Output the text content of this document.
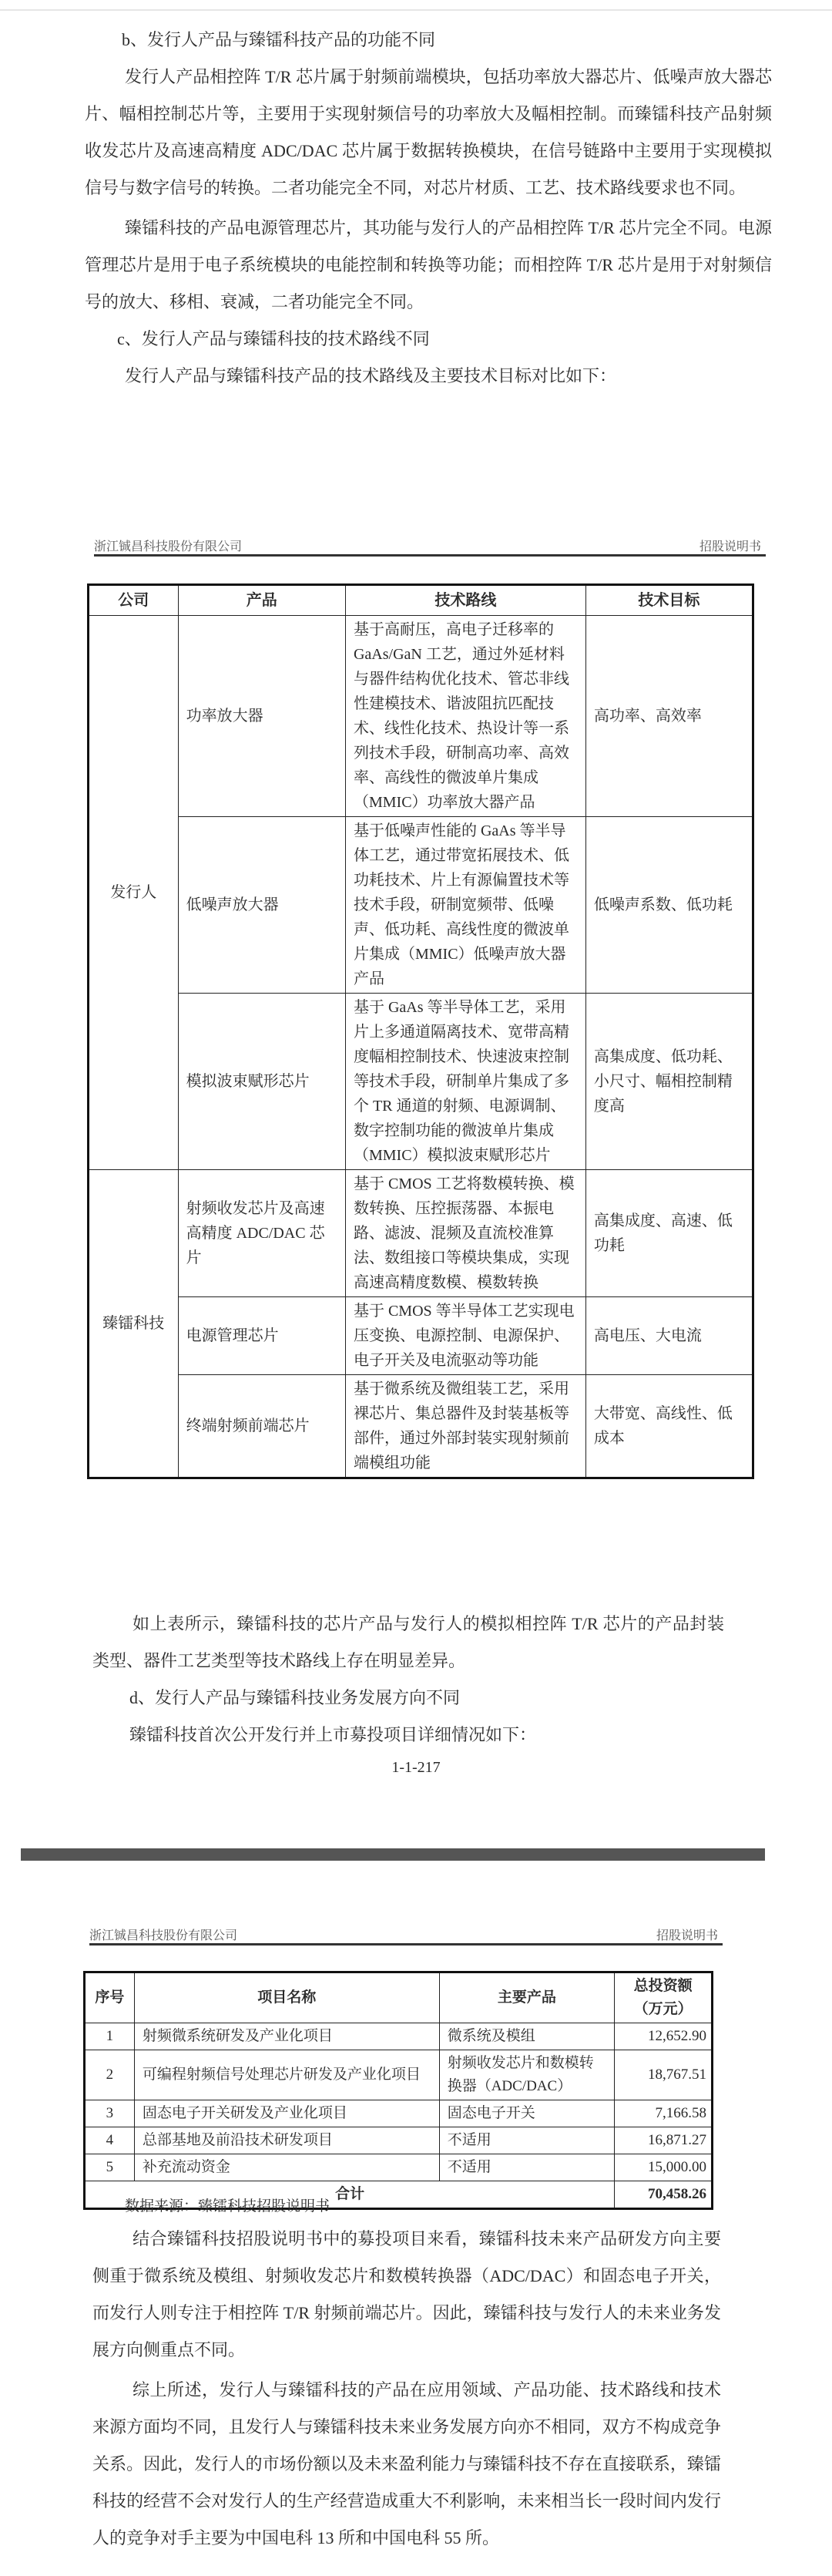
b、发行人产品与臻镭科技产品的功能不同
发行人产品相控阵 T/R 芯片属于射频前端模块，包括功率放大器芯片、低噪声放大器芯片、幅相控制芯片等，主要用于实现射频信号的功率放大及幅相控制。而臻镭科技产品射频收发芯片及高速高精度 ADC/DAC 芯片属于数据转换模块，在信号链路中主要用于实现模拟信号与数字信号的转换。二者功能完全不同，对芯片材质、工艺、技术路线要求也不同。
臻镭科技的产品电源管理芯片，其功能与发行人的产品相控阵 T/R 芯片完全不同。电源管理芯片是用于电子系统模块的电能控制和转换等功能；而相控阵 T/R 芯片是用于对射频信号的放大、移相、衰减，二者功能完全不同。
c、发行人产品与臻镭科技的技术路线不同
发行人产品与臻镭科技产品的技术路线及主要技术目标对比如下：
浙江铖昌科技股份有限公司	招股说明书
公司	产品	技术路线	技术目标
发行人	功率放大器	基于高耐压，高电子迁移率的 GaAs/GaN 工艺，通过外延材料与器件结构优化技术、管芯非线性建模技术、谐波阻抗匹配技术、线性化技术、热设计等一系列技术手段，研制高功率、高效率、高线性的微波单片集成（MMIC）功率放大器产品	高功率、高效率
	低噪声放大器	基于低噪声性能的 GaAs 等半导体工艺，通过带宽拓展技术、低功耗技术、片上有源偏置技术等技术手段，研制宽频带、低噪声、低功耗、高线性度的微波单片集成（MMIC）低噪声放大器产品	低噪声系数、低功耗
	模拟波束赋形芯片	基于 GaAs 等半导体工艺，采用片上多通道隔离技术、宽带高精度幅相控制技术、快速波束控制等技术手段，研制单片集成了多个 TR 通道的射频、电源调制、数字控制功能的微波单片集成（MMIC）模拟波束赋形芯片	高集成度、低功耗、小尺寸、幅相控制精度高
臻镭科技	射频收发芯片及高速高精度 ADC/DAC 芯片	基于 CMOS 工艺将数模转换、模数转换、压控振荡器、本振电路、滤波、混频及直流校准算法、数组接口等模块集成，实现高速高精度数模、模数转换	高集成度、高速、低功耗
	电源管理芯片	基于 CMOS 等半导体工艺实现电压变换、电源控制、电源保护、电子开关及电流驱动等功能	高电压、大电流
	终端射频前端芯片	基于微系统及微组装工艺，采用裸芯片、集总器件及封装基板等部件，通过外部封装实现射频前端模组功能	大带宽、高线性、低成本
如上表所示，臻镭科技的芯片产品与发行人的模拟相控阵 T/R 芯片的产品封装类型、器件工艺类型等技术路线上存在明显差异。
d、发行人产品与臻镭科技业务发展方向不同
臻镭科技首次公开发行并上市募投项目详细情况如下：
1-1-217
浙江铖昌科技股份有限公司	招股说明书
序号	项目名称	主要产品	总投资额（万元）
1	射频微系统研发及产业化项目	微系统及模组	12,652.90
2	可编程射频信号处理芯片研发及产业化项目	射频收发芯片和数模转换器（ADC/DAC）	18,767.51
3	固态电子开关研发及产业化项目	固态电子开关	7,166.58
4	总部基地及前沿技术研发项目	不适用	16,871.27
5	补充流动资金	不适用	15,000.00
合计			70,458.26
数据来源：臻镭科技招股说明书
结合臻镭科技招股说明书中的募投项目来看，臻镭科技未来产品研发方向主要侧重于微系统及模组、射频收发芯片和数模转换器（ADC/DAC）和固态电子开关，而发行人则专注于相控阵 T/R 射频前端芯片。因此，臻镭科技与发行人的未来业务发展方向侧重点不同。
综上所述，发行人与臻镭科技的产品在应用领域、产品功能、技术路线和技术来源方面均不同，且发行人与臻镭科技未来业务发展方向亦不相同，双方不构成竞争关系。因此，发行人的市场份额以及未来盈利能力与臻镭科技不存在直接联系，臻镭科技的经营不会对发行人的生产经营造成重大不利影响，未来相当长一段时间内发行人的竞争对手主要为中国电科 13 所和中国电科 55 所。
